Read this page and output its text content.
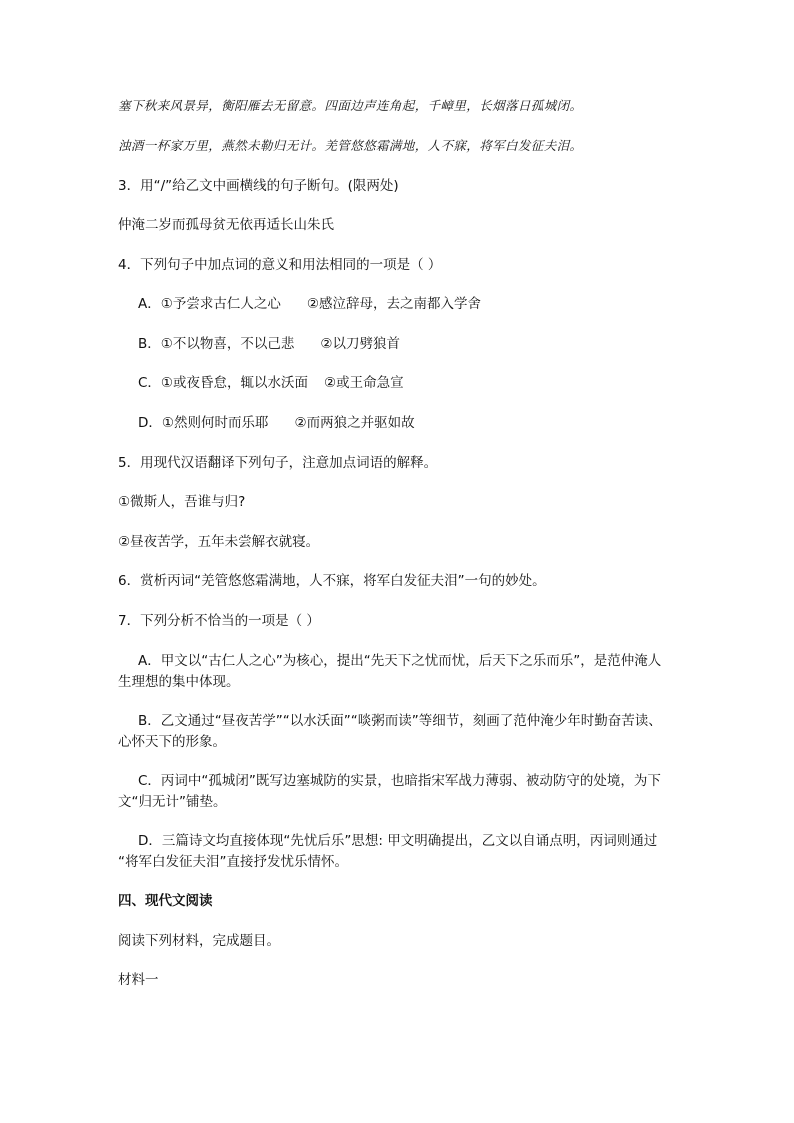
塞下秋来风景异，衡阳雁去无留意。四面边声连角起，千嶂里，长烟落日孤城闭。
浊酒一杯家万里，燕然未勒归无计。羌管悠悠霜满地，人不寐，将军白发征夫泪。
3．用“/”给乙文中画横线的句子断句。(限两处)
仲淹二岁而孤母贫无依再适长山朱氏
4．下列句子中加点词的意义和用法相同的一项是（ ）
A．①予尝求古仁人之心 ②感泣辞母，去之南都入学舍
B．①不以物喜，不以己悲 ②以刀劈狼首
C．①或夜昏怠，辄以水沃面 ②或王命急宣
D．①然则何时而乐耶 ②而两狼之并驱如故
5．用现代汉语翻译下列句子，注意加点词语的解释。
①微斯人，吾谁与归?
②昼夜苦学，五年未尝解衣就寝。
6．赏析丙词“羌管悠悠霜满地，人不寐，将军白发征夫泪”一句的妙处。
7．下列分析不恰当的一项是（ ）
A．甲文以“古仁人之心”为核心，提出“先天下之忧而忧，后天下之乐而乐”，是范仲淹人
生理想的集中体现。
B．乙文通过“昼夜苦学”“以水沃面”“啖粥而读”等细节，刻画了范仲淹少年时勤奋苦读、
心怀天下的形象。
C．丙词中“孤城闭”既写边塞城防的实景，也暗指宋军战力薄弱、被动防守的处境，为下
文“归无计”铺垫。
D．三篇诗文均直接体现“先忧后乐”思想: 甲文明确提出，乙文以自诵点明，丙词则通过
“将军白发征夫泪”直接抒发忧乐情怀。
四、现代文阅读
阅读下列材料，完成题目。
材料一
